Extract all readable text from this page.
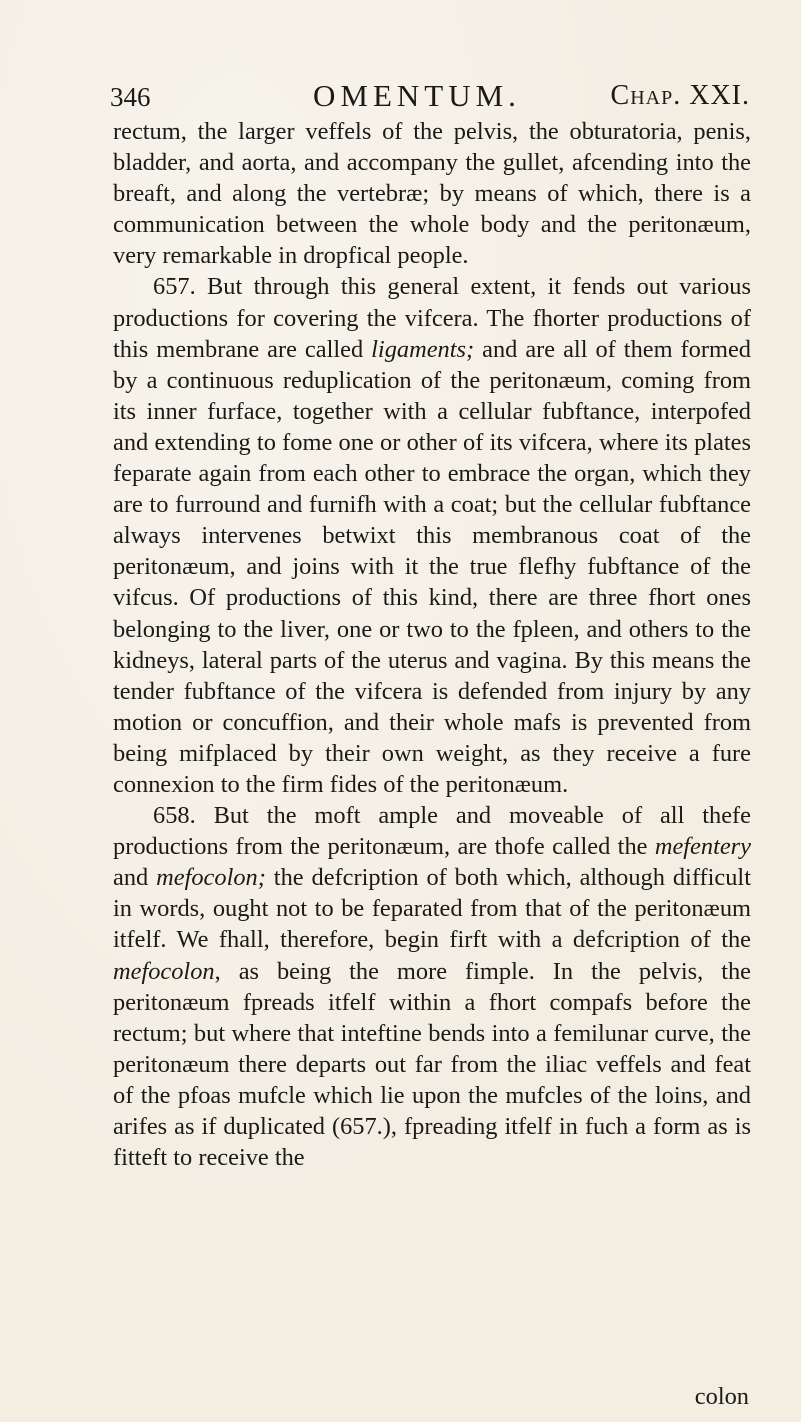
346	OMENTUM.	Chap. XXI.

rectum, the larger veffels of the pelvis, the obturatoria, penis, bladder, and aorta, and accompany the gullet, afcending into the breaft, and along the vertebræ; by means of which, there is a communication between the whole body and the peritonæum, very remarkable in dropfical people.

657. But through this general extent, it fends out various productions for covering the vifcera. The fhorter productions of this membrane are called ligaments; and are all of them formed by a continuous reduplication of the peritonæum, coming from its inner furface, together with a cellular fubftance, interpofed and extending to fome one or other of its vifcera, where its plates feparate again from each other to embrace the organ, which they are to furround and furnifh with a coat; but the cellular fubftance always intervenes betwixt this membranous coat of the peritonæum, and joins with it the true flefhy fubftance of the vifcus. Of productions of this kind, there are three fhort ones belonging to the liver, one or two to the fpleen, and others to the kidneys, lateral parts of the uterus and vagina. By this means the tender fubftance of the vifcera is defended from injury by any motion or concuffion, and their whole mafs is prevented from being mifplaced by their own weight, as they receive a fure connexion to the firm fides of the peritonæum.

658. But the moft ample and moveable of all thefe productions from the peritonæum, are thofe called the mefentery and mefocolon; the defcription of both which, although difficult in words, ought not to be feparated from that of the peritonæum itfelf. We fhall, therefore, begin firft with a defcription of the mefocolon, as being the more fimple. In the pelvis, the peritonæum fpreads itfelf within a fhort compafs before the rectum; but where that inteftine bends into a femilunar curve, the peritonæum there departs out far from the iliac veffels and feat of the pfoas mufcle which lie upon the mufcles of the loins, and arifes as if duplicated (657.), fpreading itfelf in fuch a form as is fitteft to receive the

colon
